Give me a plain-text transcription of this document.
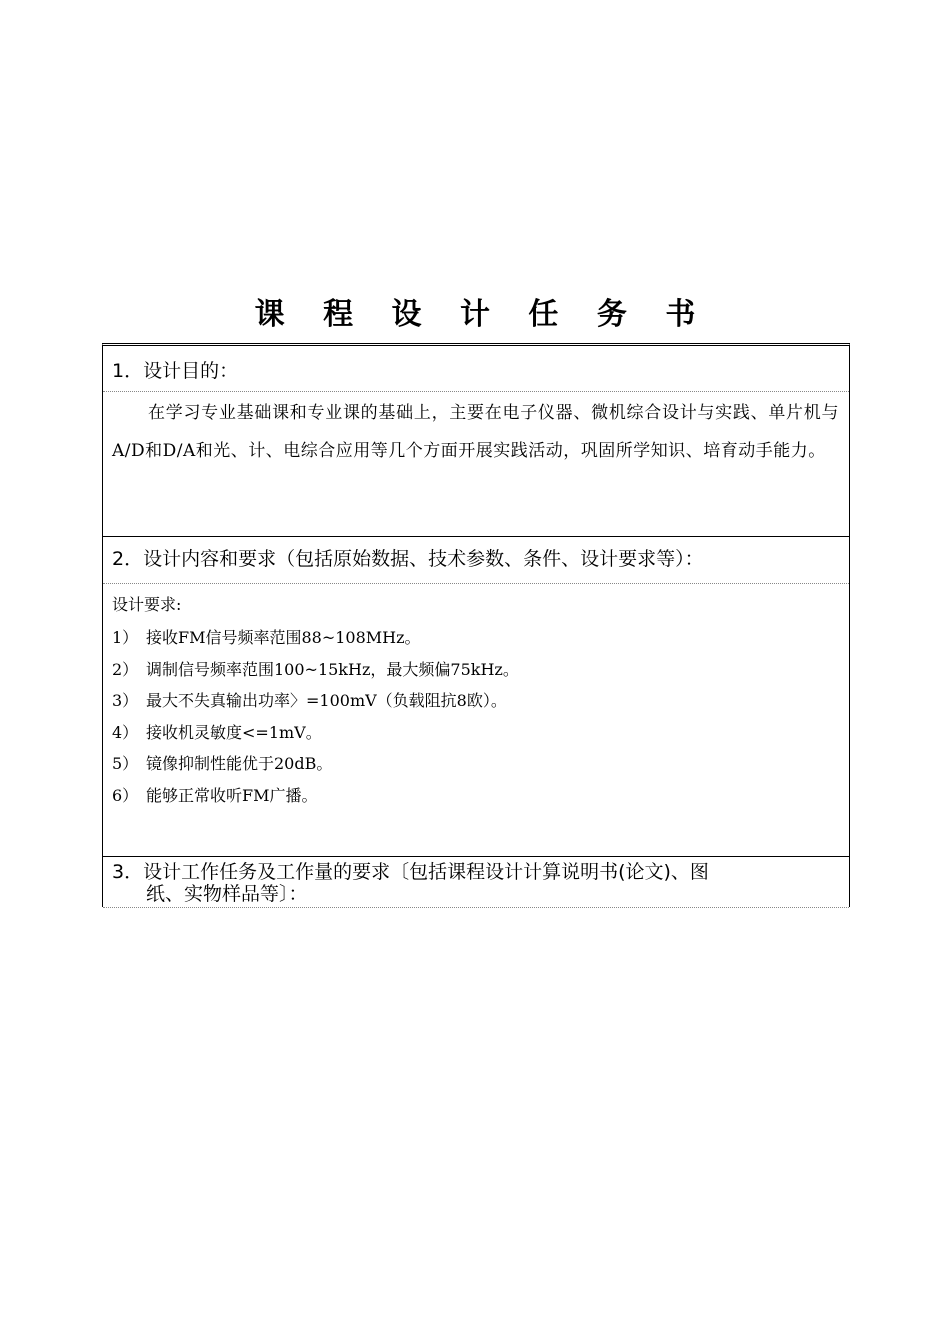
课 程 设 计 任 务 书
1．设计目的：
在学习专业基础课和专业课的基础上，主要在电子仪器、微机综合设计与实践、单片机与A/D和D/A和光、计、电综合应用等几个方面开展实践活动，巩固所学知识、培育动手能力。
2．设计内容和要求（包括原始数据、技术参数、条件、设计要求等）：
设计要求:
1） 接收FM信号频率范围88~108MHz。
2） 调制信号频率范围100~15kHz，最大频偏75kHz。
3） 最大不失真输出功率〉=100mV（负载阻抗8欧）。
4） 接收机灵敏度<=1mV。
5） 镜像抑制性能优于20dB。
6） 能够正常收听FM广播。
3．设计工作任务及工作量的要求〔包括课程设计计算说明书(论文)、图
纸、实物样品等〕：
